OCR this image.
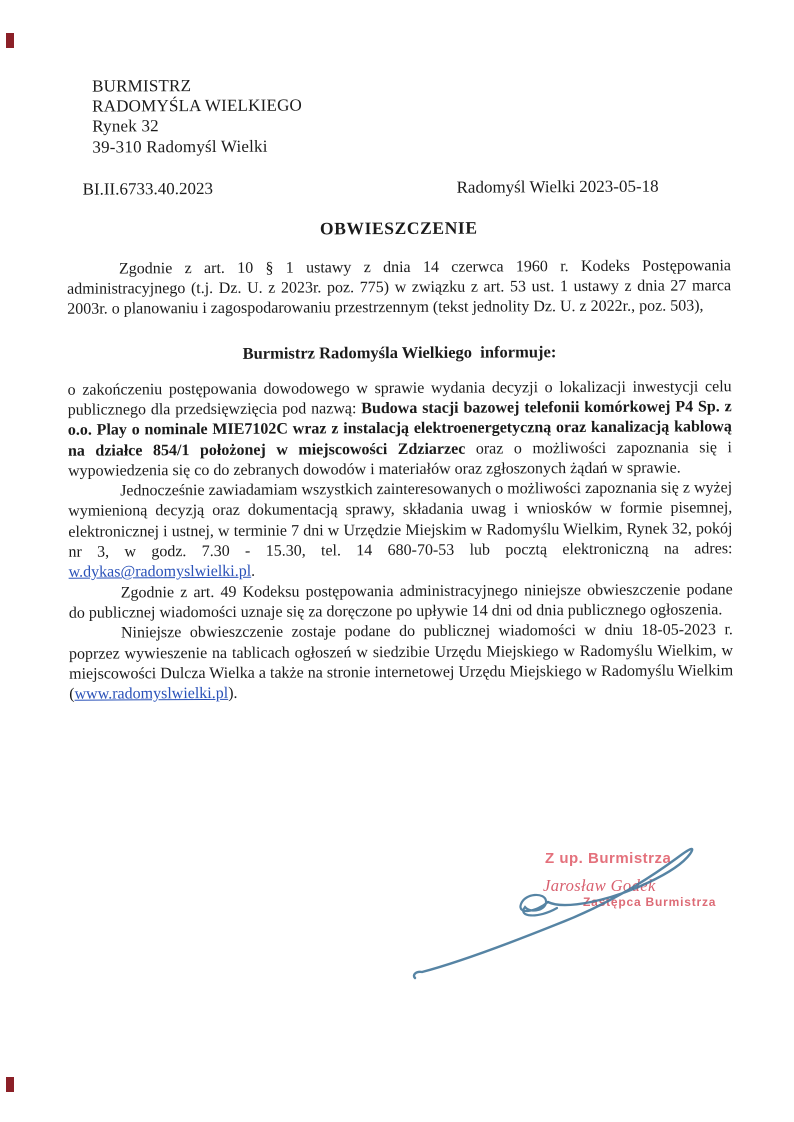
BURMISTRZ
RADOMYŚLA WIELKIEGO
Rynek 32
39-310 Radomyśl Wielki
BI.II.6733.40.2023	Radomyśl Wielki 2023-05-18
OBWIESZCZENIE

Zgodnie z art. 10 § 1 ustawy z dnia 14 czerwca 1960 r. Kodeks Postępowania administracyjnego (t.j. Dz. U. z 2023r. poz. 775) w związku z art. 53 ust. 1 ustawy z dnia 27 marca 2003r. o planowaniu i zagospodarowaniu przestrzennym (tekst jednolity Dz. U. z 2022r., poz. 503),

Burmistrz Radomyśla Wielkiego  informuje:

o zakończeniu postępowania dowodowego w sprawie wydania decyzji o lokalizacji inwestycji celu publicznego dla przedsięwzięcia pod nazwą: Budowa stacji bazowej telefonii komórkowej P4 Sp. z o.o. Play o nominale MIE7102C wraz z instalacją elektroenergetyczną oraz kanalizacją kablową na działce 854/1 położonej w miejscowości Zdziarzec oraz o możliwości zapoznania się i wypowiedzenia się co do zebranych dowodów i materiałów oraz zgłoszonych żądań w sprawie.

Jednocześnie zawiadamiam wszystkich zainteresowanych o możliwości zapoznania się z wyżej wymienioną decyzją oraz dokumentacją sprawy, składania uwag i wniosków w formie pisemnej, elektronicznej i ustnej, w terminie 7 dni w Urzędzie Miejskim w Radomyślu Wielkim, Rynek 32, pokój nr 3, w godz. 7.30 - 15.30, tel. 14 680-70-53 lub pocztą elektroniczną na adres: w.dykas@radomyslwielki.pl.

Zgodnie z art. 49 Kodeksu postępowania administracyjnego niniejsze obwieszczenie podane do publicznej wiadomości uznaje się za doręczone po upływie 14 dni od dnia publicznego ogłoszenia.

Niniejsze obwieszczenie zostaje podane do publicznej wiadomości w dniu 18-05-2023 r. poprzez wywieszenie na tablicach ogłoszeń w siedzibie Urzędu Miejskiego w Radomyślu Wielkim, w miejscowości Dulcza Wielka a także na stronie internetowej Urzędu Miejskiego w Radomyślu Wielkim (www.radomyslwielki.pl).

Z up. Burmistrza
Jarosław Godek
Zastępca Burmistrza
